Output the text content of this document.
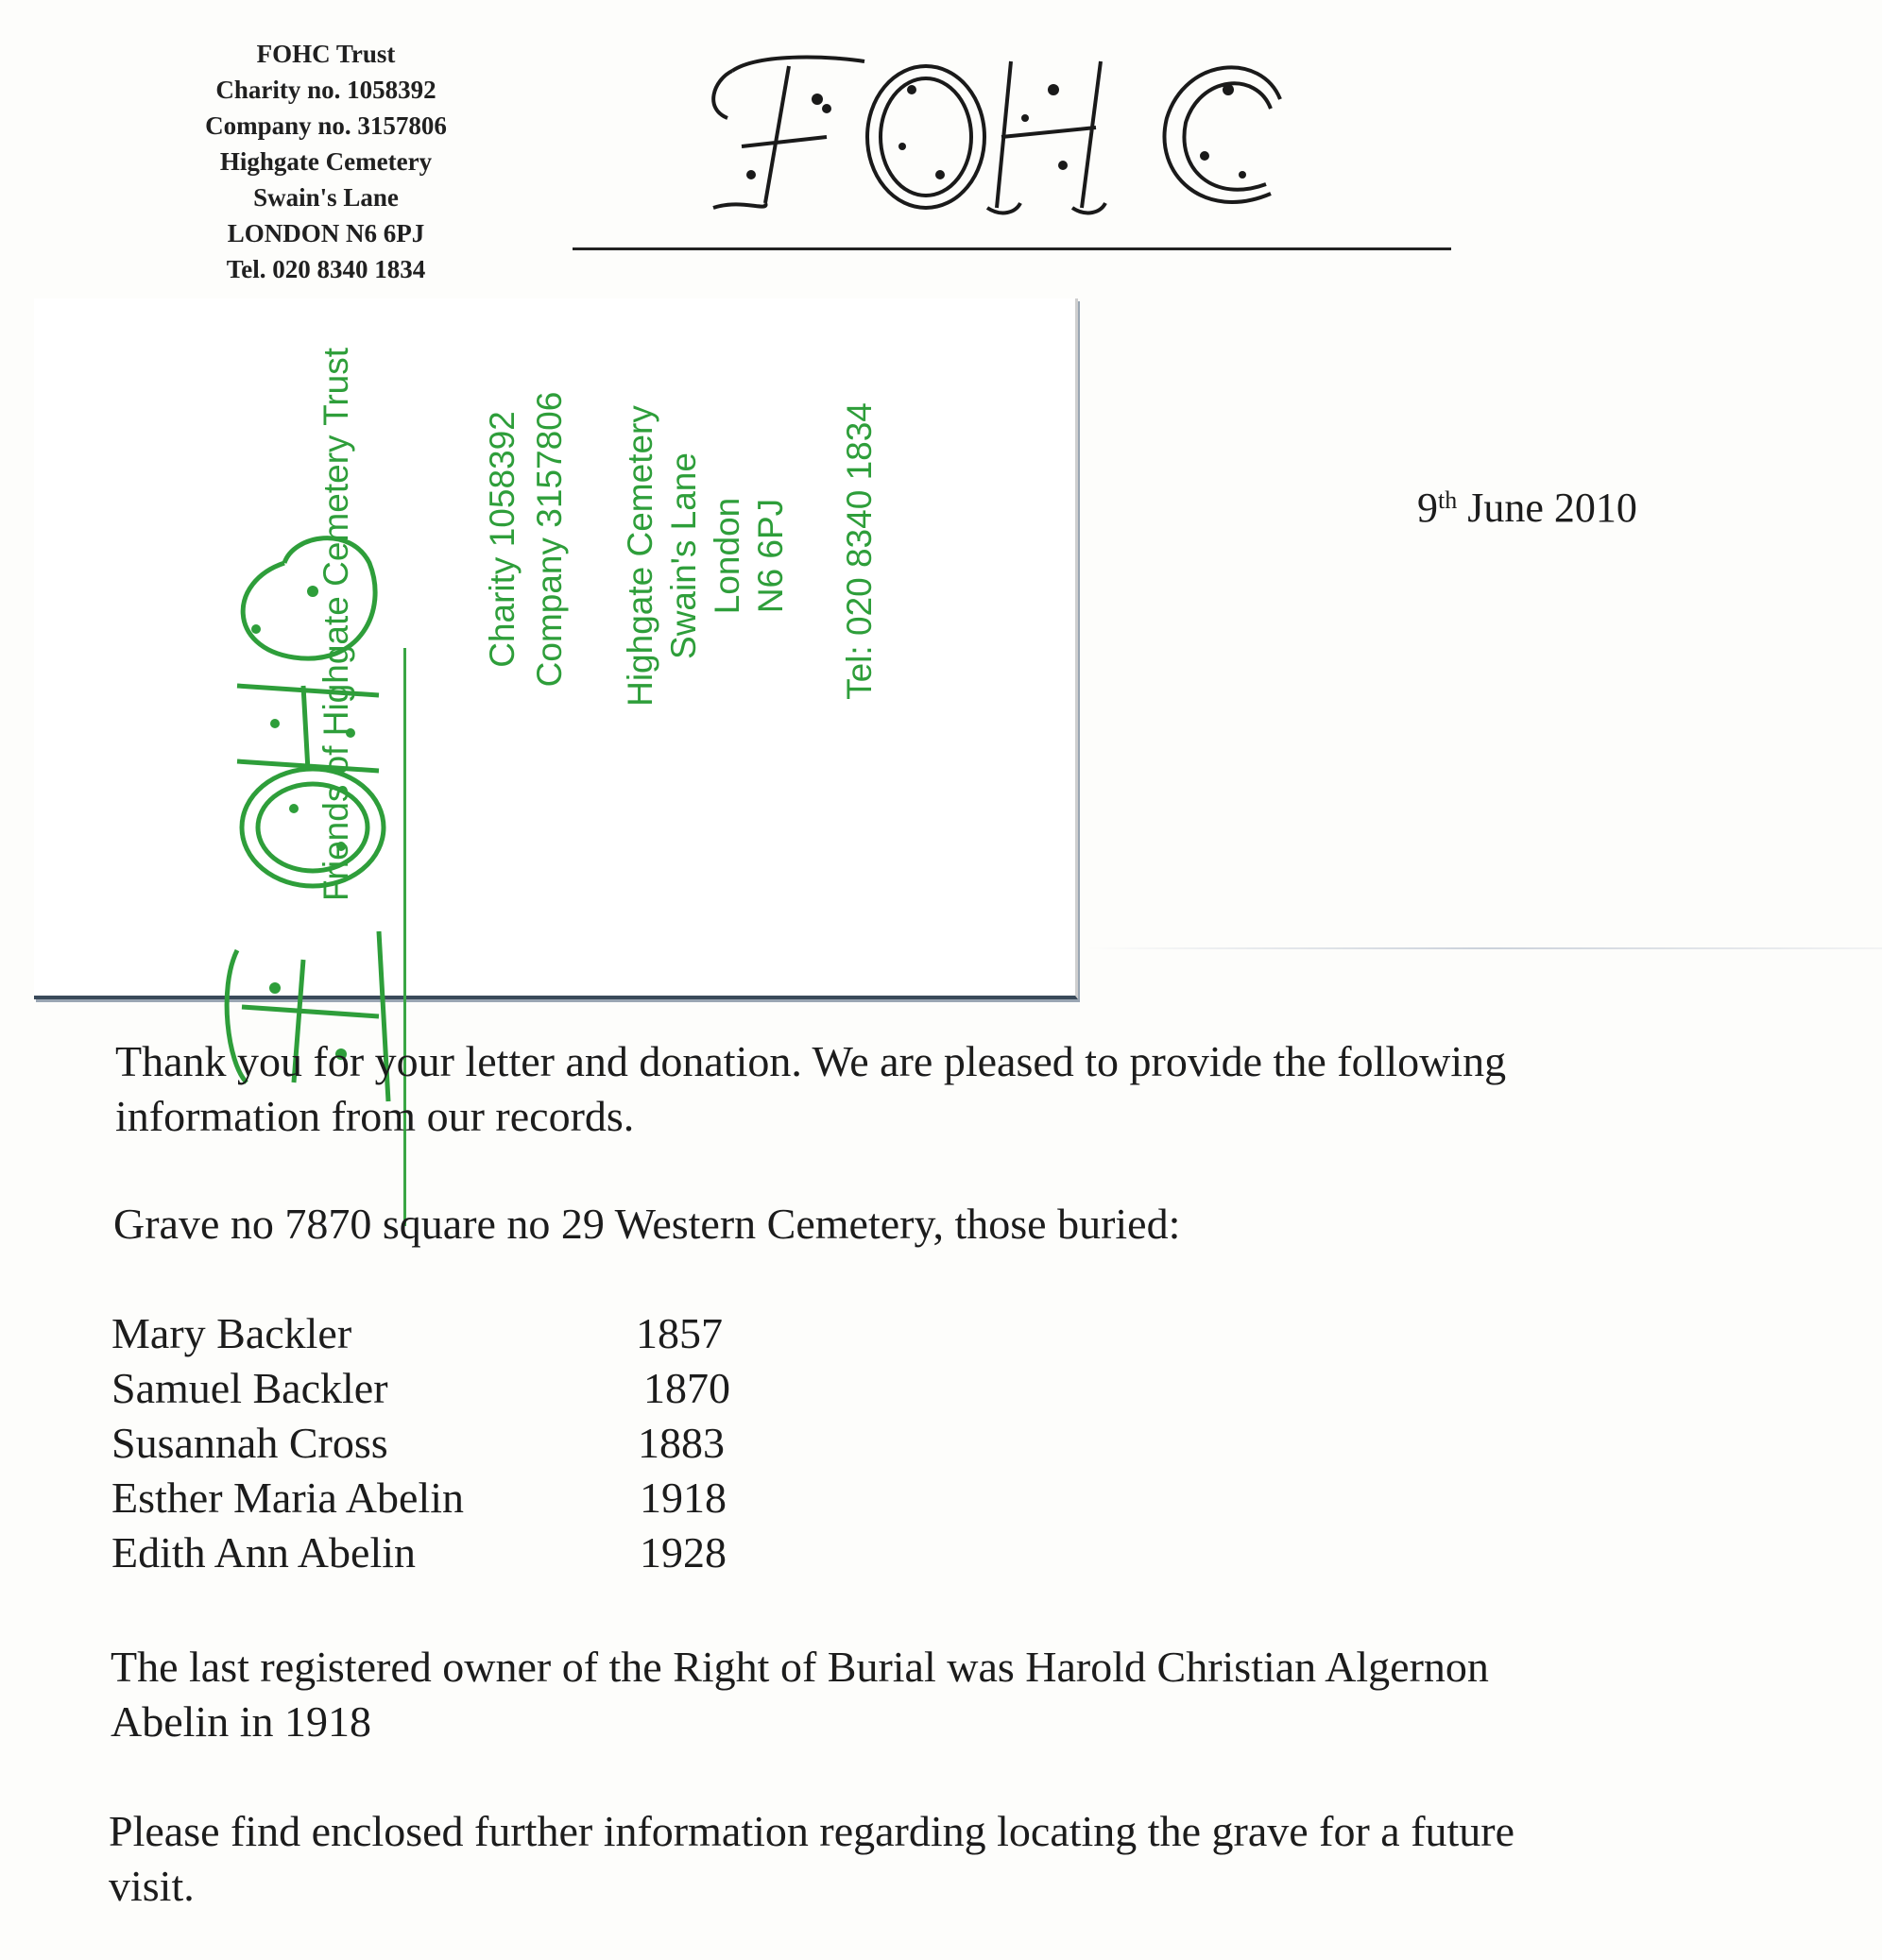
FOHC Trust
Charity no. 1058392
Company no. 3157806
Highgate Cemetery
Swain's Lane
LONDON N6 6PJ
Tel. 020 8340 1834
Friends of Highgate Cemetery Trust	Charity 1058392 Company 3157806 Highgate Cemetery Swain's Lane London N6 6PJ Tel: 020 8340 1834	9th June 2010
Thank you for your letter and donation. We are pleased to provide the following
information from our records.
Grave no 7870 square no 29 Western Cemetery, those buried:
Mary Backler	1857
Samuel Backler	1870
Susannah Cross	1883
Esther Maria Abelin	1918
Edith Ann Abelin	1928
The last registered owner of the Right of Burial was Harold Christian Algernon
Abelin in 1918
Please find enclosed further information regarding locating the grave for a future
visit.
